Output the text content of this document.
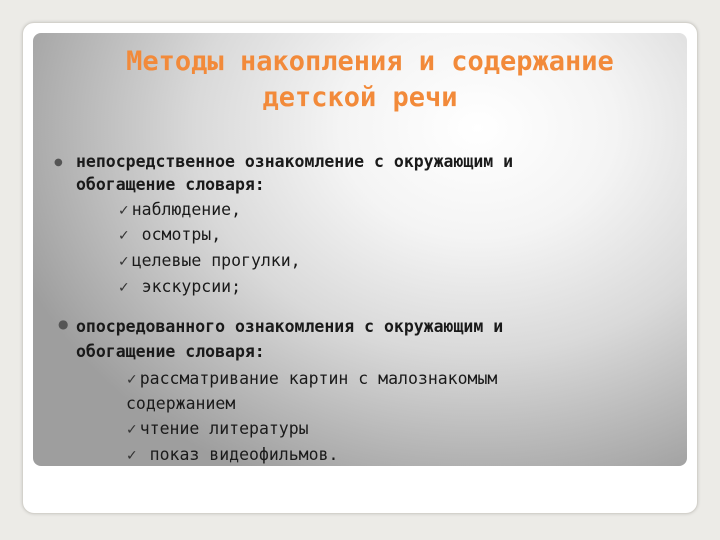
Методы накопления и содержание
детской речи
● непосредственное ознакомление с окружающим и
обогащение словаря:
✓ наблюдение,
✓ осмотры,
✓ целевые прогулки,
✓ экскурсии;
● опосредованного ознакомления с окружающим и
обогащение словаря:
✓ рассматривание картин с малознакомым
содержанием
✓ чтение литературы
✓ показ видеофильмов.
